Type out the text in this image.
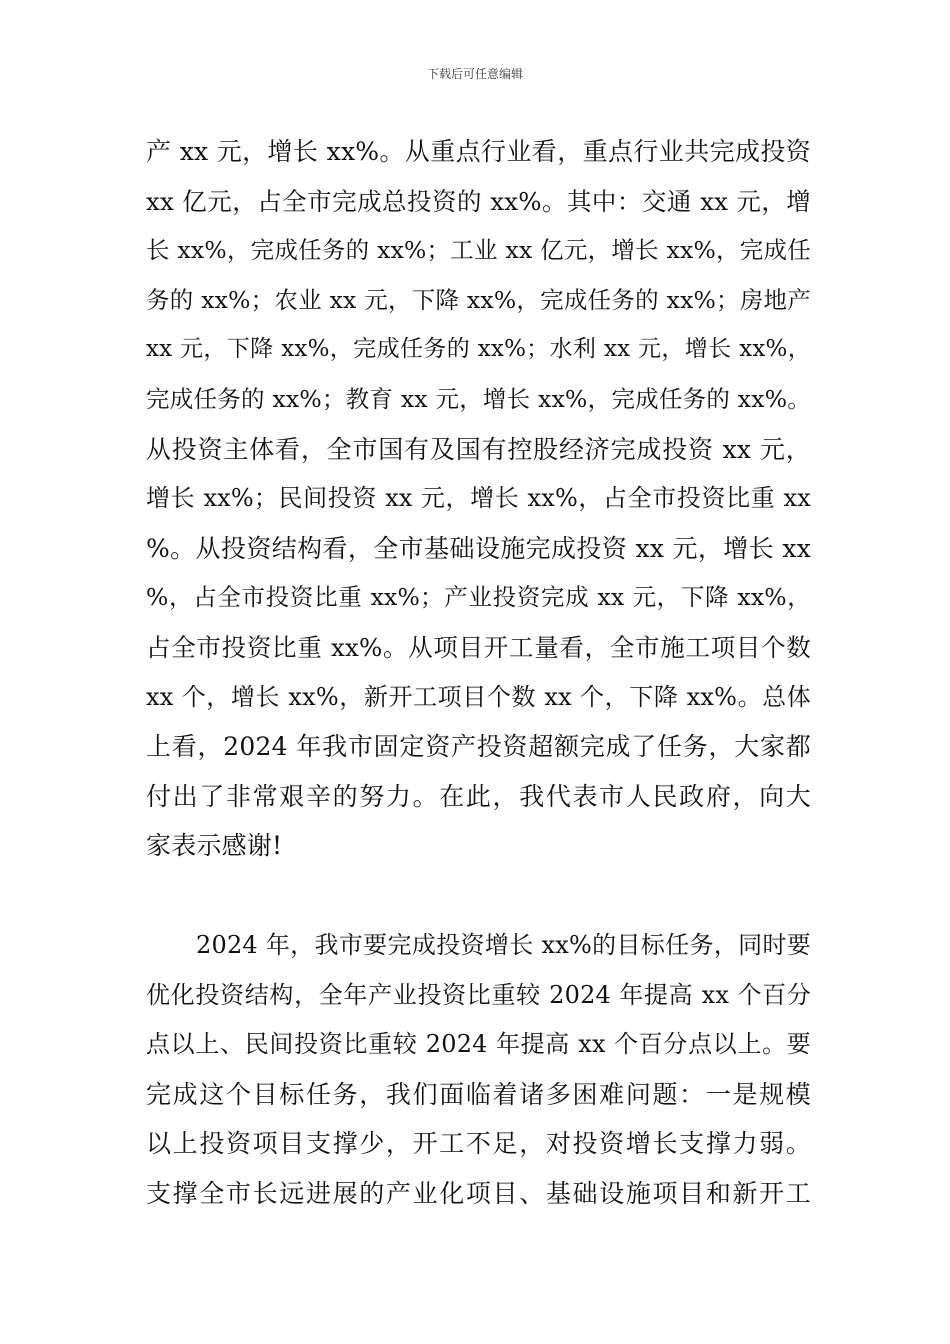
下载后可任意编辑
产 xx 元，增长 xx%。从重点行业看，重点行业共完成投资
xx 亿元，占全市完成总投资的 xx%。其中：交通 xx 元，增
长 xx%，完成任务的 xx%；工业 xx 亿元，增长 xx%，完成任
务的 xx%；农业 xx 元，下降 xx%，完成任务的 xx%；房地产
xx 元，下降 xx%，完成任务的 xx%；水利 xx 元，增长 xx%，
完成任务的 xx%；教育 xx 元，增长 xx%，完成任务的 xx%。
从投资主体看，全市国有及国有控股经济完成投资 xx 元，
增长 xx%；民间投资 xx 元，增长 xx%，占全市投资比重 xx
%。从投资结构看，全市基础设施完成投资 xx 元，增长 xx
%，占全市投资比重 xx%；产业投资完成 xx 元，下降 xx%，
占全市投资比重 xx%。从项目开工量看，全市施工项目个数
xx 个，增长 xx%，新开工项目个数 xx 个，下降 xx%。总体
上看，2024 年我市固定资产投资超额完成了任务，大家都
付出了非常艰辛的努力。在此，我代表市人民政府，向大
家表示感谢!
2024 年，我市要完成投资增长 xx%的目标任务，同时要
优化投资结构，全年产业投资比重较 2024 年提高 xx 个百分
点以上、民间投资比重较 2024 年提高 xx 个百分点以上。要
完成这个目标任务，我们面临着诸多困难问题：一是规模
以上投资项目支撑少，开工不足，对投资增长支撑力弱。
支撑全市长远进展的产业化项目、基础设施项目和新开工
